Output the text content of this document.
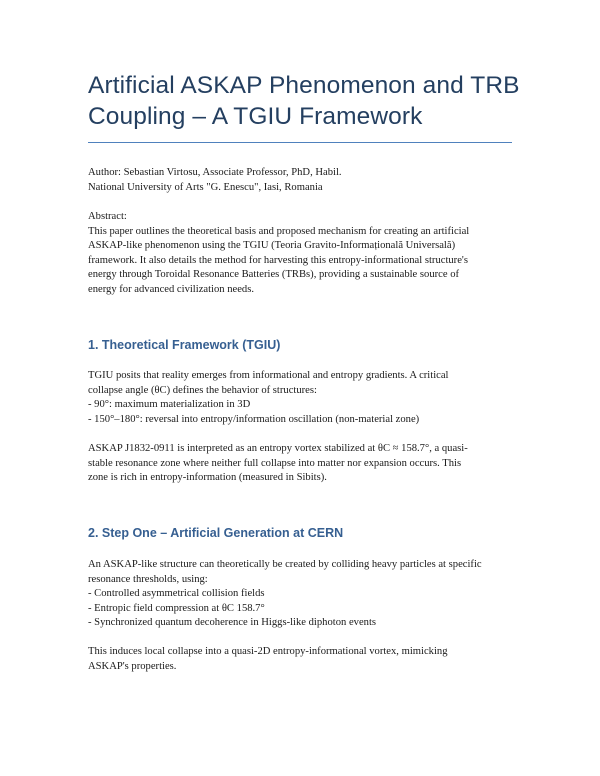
Artificial ASKAP Phenomenon and TRB
Coupling – A TGIU Framework

Author: Sebastian Virtosu, Associate Professor, PhD, Habil.

National University of Arts "G. Enescu", Iasi, Romania

Abstract:

This paper outlines the theoretical basis and proposed mechanism for creating an artificial

ASKAP-like phenomenon using the TGIU (Teoria Gravito-Informațională Universală)

framework. It also details the method for harvesting this entropy-informational structure's

energy through Toroidal Resonance Batteries (TRBs), providing a sustainable source of

energy for advanced civilization needs.

1. Theoretical Framework (TGIU)

TGIU posits that reality emerges from informational and entropy gradients. A critical

collapse angle (θC) defines the behavior of structures:

- 90°: maximum materialization in 3D

- 150°–180°: reversal into entropy/information oscillation (non-material zone)

ASKAP J1832-0911 is interpreted as an entropy vortex stabilized at θC ≈ 158.7°, a quasi-

stable resonance zone where neither full collapse into matter nor expansion occurs. This

zone is rich in entropy-information (measured in Sibits).

2. Step One – Artificial Generation at CERN

An ASKAP-like structure can theoretically be created by colliding heavy particles at specific

resonance thresholds, using:

- Controlled asymmetrical collision fields

- Entropic field compression at θC 158.7°

- Synchronized quantum decoherence in Higgs-like diphoton events

This induces local collapse into a quasi-2D entropy-informational vortex, mimicking

ASKAP's properties.
